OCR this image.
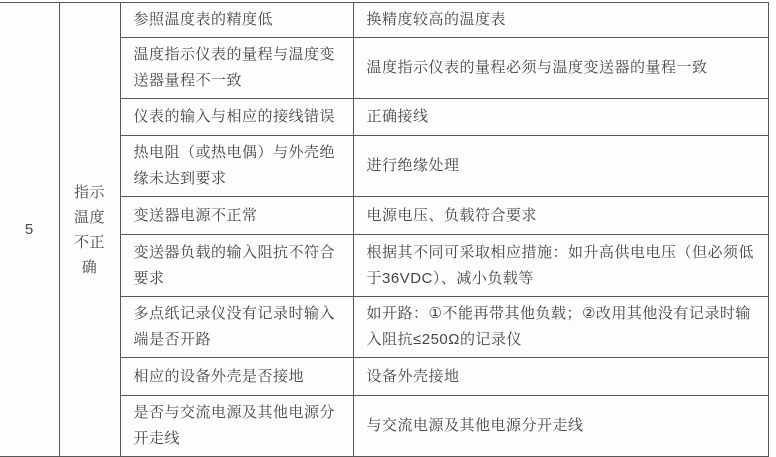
5	指示温度不正确	参照温度表的精度低	换精度较高的温度表
		温度指示仪表的量程与温度变送器量程不一致	温度指示仪表的量程必须与温度变送器的量程一致
		仪表的输入与相应的接线错误	正确接线
		热电阻（或热电偶）与外壳绝缘未达到要求	进行绝缘处理
		变送器电源不正常	电源电压、负载符合要求
		变送器负载的输入阻抗不符合要求	根据其不同可采取相应措施：如升高供电电压（但必须低于36VDC）、减小负载等
		多点纸记录仪没有记录时输入端是否开路	如开路：①不能再带其他负载；②改用其他没有记录时输入阻抗≤250Ω的记录仪
		相应的设备外壳是否接地	设备外壳接地
		是否与交流电源及其他电源分开走线	与交流电源及其他电源分开走线
